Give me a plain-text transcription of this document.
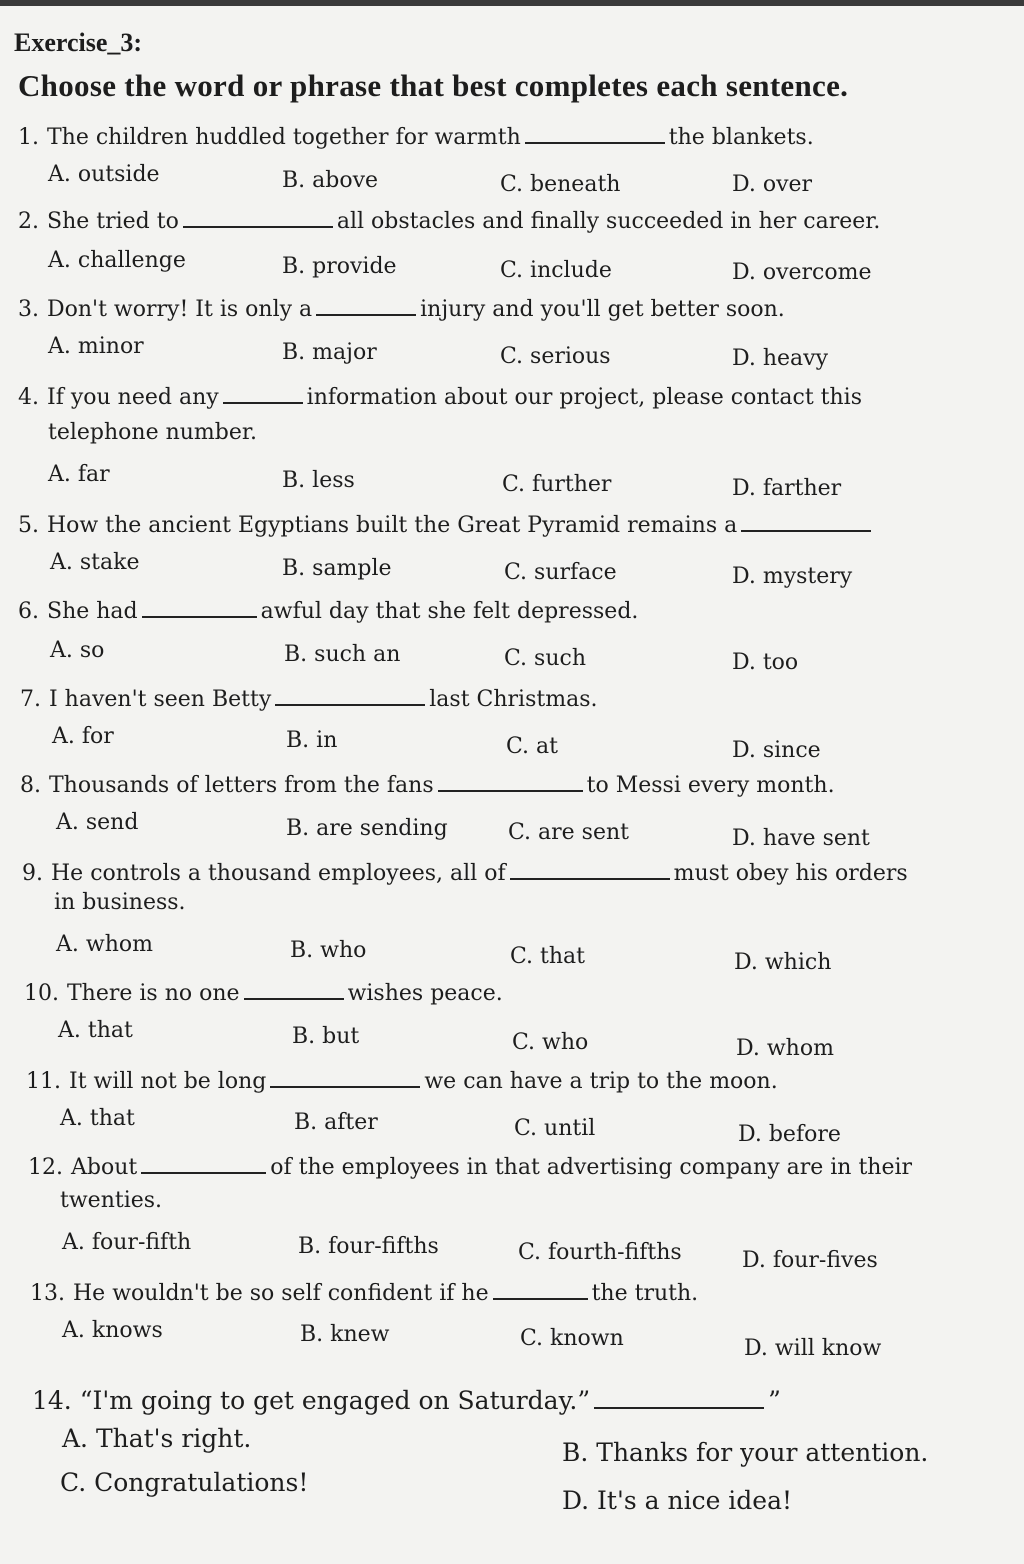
Exercise_3:
Choose the word or phrase that best completes each sentence.
1. The children huddled together for warmth	the blankets.
A. outside	B. above	C. beneath	D. over
2. She tried to	all obstacles and finally succeeded in her career.
A. challenge	B. provide	C. include	D. overcome
3. Don't worry! It is only a	injury and you'll get better soon.
A. minor	B. major	C. serious	D. heavy
4. If you need any	information about our project, please contact this
telephone number.
A. far	B. less	C. further	D. farther
5. How the ancient Egyptians built the Great Pyramid remains a
A. stake	B. sample	C. surface	D. mystery
6. She had	awful day that she felt depressed.
A. so	B. such an	C. such	D. too
7. I haven't seen Betty	last Christmas.
A. for	B. in	C. at	D. since
8. Thousands of letters from the fans	to Messi every month.
A. send	B. are sending	C. are sent	D. have sent
9. He controls a thousand employees, all of	must obey his orders
in business.
A. whom	B. who	C. that	D. which
10. There is no one	wishes peace.
A. that	B. but	C. who	D. whom
11. It will not be long	we can have a trip to the moon.
A. that	B. after	C. until	D. before
12. About	of the employees in that advertising company are in their
twenties.
A. four-fifth	B. four-fifths	C. fourth-fifths	D. four-fives
13. He wouldn't be so self confident if he	the truth.
A. knows	B. knew	C. known	D. will know
14. “I'm going to get engaged on Saturday.”	”
A. That's right.	B. Thanks for your attention.
C. Congratulations!
D. It's a nice idea!
